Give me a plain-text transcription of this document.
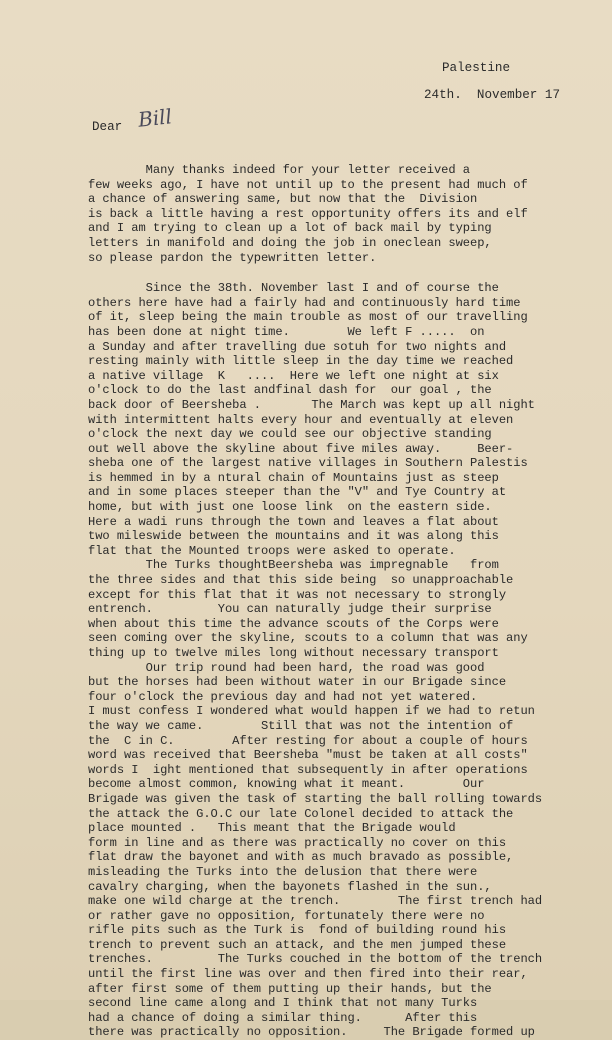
Palestine
24th.  November 17
Dear Bill
Many thanks indeed for your letter received a
few weeks ago, I have not until up to the present had much of
a chance of answering same, but now that the  Division
is back a little having a rest opportunity offers its and elf
and I am trying to clean up a lot of back mail by typing
letters in manifold and doing the job in oneclean sweep,
so please pardon the typewritten letter.
Since the 38th. November last I and of course the
others here have had a fairly had and continuously hard time
of it, sleep being the main trouble as most of our travelling
has been done at night time.        We left F .....  on
a Sunday and after travelling due sotuh for two nights and
resting mainly with little sleep in the day time we reached
a native village  K   ....  Here we left one night at six
o'clock to do the last andfinal dash for  our goal , the
back door of Beersheba .       The March was kept up all night
with intermittent halts every hour and eventually at eleven
o'clock the next day we could see our objective standing
out well above the skyline about five miles away.     Beer-
sheba one of the largest native villages in Southern Palestis
is hemmed in by a ntural chain of Mountains just as steep
and in some places steeper than the "V" and Tye Country at
home, but with just one loose link  on the eastern side.
Here a wadi runs through the town and leaves a flat about
two mileswide between the mountains and it was along this
flat that the Mounted troops were asked to operate.
The Turks thoughtBeersheba was impregnable   from
the three sides and that this side being  so unapproachable
except for this flat that it was not necessary to strongly
entrench.         You can naturally judge their surprise
when about this time the advance scouts of the Corps were
seen coming over the skyline, scouts to a column that was any
thing up to twelve miles long without necessary transport
Our trip round had been hard, the road was good
but the horses had been without water in our Brigade since
four o'clock the previous day and had not yet watered.
I must confess I wondered what would happen if we had to retun
the way we came.        Still that was not the intention of
the  C in C.        After resting for about a couple of hours
word was received that Beersheba "must be taken at all costs"
words I  ight mentioned that subsequently in after operations
become almost common, knowing what it meant.        Our
Brigade was given the task of starting the ball rolling towards
the attack the G.O.C our late Colonel decided to attack the
place mounted .   This meant that the Brigade would
form in line and as there was practically no cover on this
flat draw the bayonet and with as much bravado as possible,
misleading the Turks into the delusion that there were
cavalry charging, when the bayonets flashed in the sun.,
make one wild charge at the trench.        The first trench had
or rather gave no opposition, fortunately there were no
rifle pits such as the Turk is  fond of building round his
trench to prevent such an attack, and the men jumped these
trenches.         The Turks couched in the bottom of the trench
until the first line was over and then fired into their rear,
after first some of them putting up their hands, but the
second line came along and I think that not many Turks
had a chance of doing a similar thing.      After this
there was practically no opposition.     The Brigade formed up
